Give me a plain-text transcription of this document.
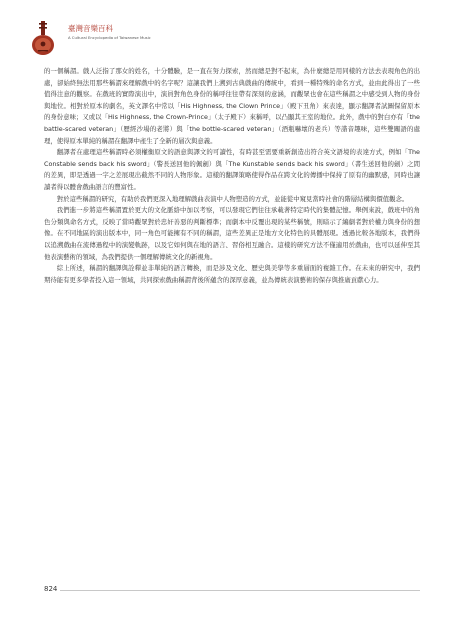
臺灣音樂百科
A Cultural Encyclopedia of Taiwanese Music

的一個稱謂。戲人泛指了那女的姓名，十分體驗，是一直在努力探索，然而總是對不起來，為什麼總是用同樣的方法去表現角色的出處，卻始終無法用那些稱謂來理解戲中的名字呢？這讓我們上溯到古典戲曲的傳統中，看到一種特殊的命名方式，並由此得出了一些值得注意的觀察。在戲班的實際演出中，演員對角色身份的稱呼往往帶有深刻的意涵，而觀眾也會在這些稱謂之中感受到人物的身份與地位。相對於原本的劇名，英文譯名中常以「His Highness, the Clown Prince」（殿下丑角）來表達，顯示翻譯者試圖保留原本的身份意味；又或以「His Highness, the Crown-Prince」（太子殿下）來稱呼，以凸顯其王室的地位。此外，戲中的對白亦有「the battle-scared veteran」（歷經沙場的老將）與「the bottle-scared veteran」（酒瓶嚇壞的老兵）等諧音趣味，這些雙關語的處理，使得原本單純的稱謂在翻譯中產生了全新的層次與意義。

翻譯者在處理這些稱謂時必須權衡原文的語意與譯文的可讀性，有時甚至需要重新創造出符合英文語境的表達方式，例如「The Constable sends back his sword」（警長送回他的佩劍）與「The Kunstable sends back his sword」（書生送回他的劍）之間的差異，即是透過一字之差展現出截然不同的人物形象。這樣的翻譯策略使得作品在跨文化的傳播中保持了原有的幽默感，同時也讓讀者得以體會戲曲語言的豐富性。

對於這些稱謂的研究，有助於我們更深入地理解戲曲表演中人物塑造的方式，並能從中窺見當時社會的階層結構與價值觀念。

我們進一步將這些稱謂置於更大的文化脈絡中加以考察，可以發現它們往往承載著特定時代的集體記憶。舉例來說，戲班中的角色分類與命名方式，反映了當時觀眾對於忠奸善惡的判斷標準；而劇本中反覆出現的某些稱號，則暗示了編劇者對於權力與身份的想像。在不同地區的演出版本中，同一角色可能擁有不同的稱謂，這些差異正是地方文化特色的具體展現。透過比較各地版本，我們得以追溯戲曲在流傳過程中的演變軌跡，以及它如何與在地的語言、習俗相互融合。這樣的研究方法不僅適用於戲曲，也可以延伸至其他表演藝術的領域，為我們提供一個理解傳統文化的新視角。

綜上所述，稱謂的翻譯與詮釋並非單純的語言轉換，而是涉及文化、歷史與美學等多重層面的複雜工作。在未來的研究中，我們期待能有更多學者投入這一領域，共同探索戲曲稱謂背後所蘊含的深厚意義，並為傳統表演藝術的保存與推廣貢獻心力。

824
